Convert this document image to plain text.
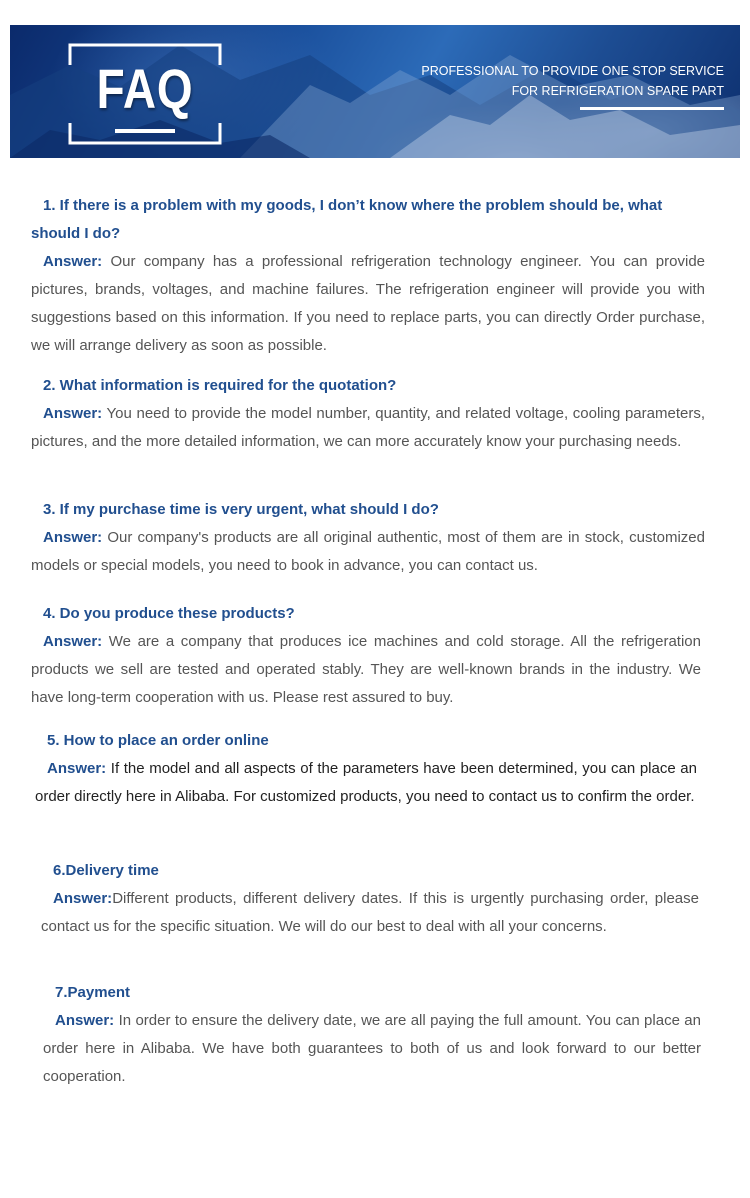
FAQ	PROFESSIONAL TO PROVIDE ONE STOP SERVICE
FOR REFRIGERATION SPARE PART

1. If there is a problem with my goods, I don’t know where the problem should be, what should I do?

Answer: Our company has a professional refrigeration technology engineer. You can provide pictures, brands, voltages, and machine failures. The refrigeration engineer will provide you with suggestions based on this information. If you need to replace parts, you can directly Order purchase, we will arrange delivery as soon as possible.

2. What information is required for the quotation?

Answer: You need to provide the model number, quantity, and related voltage, cooling parameters, pictures, and the more detailed information, we can more accurately know your purchasing needs.

3. If my purchase time is very urgent, what should I do?

Answer: Our company's products are all original authentic, most of them are in stock, customized models or special models, you need to book in advance, you can contact us.

4. Do you produce these products?

Answer: We are a company that produces ice machines and cold storage. All the refrigeration products we sell are tested and operated stably. They are well-known brands in the industry. We have long-term cooperation with us. Please rest assured to buy.

5. How to place an order online

Answer: If the model and all aspects of the parameters have been determined, you can place an order directly here in Alibaba. For customized products, you need to contact us to confirm the order.

6.Delivery time

Answer:Different products, different delivery dates. If this is urgently purchasing order, please contact us for the specific situation. We will do our best to deal with all your concerns.

7.Payment

Answer: In order to ensure the delivery date, we are all paying the full amount. You can place an order here in Alibaba. We have both guarantees to both of us and look forward to our better cooperation.
